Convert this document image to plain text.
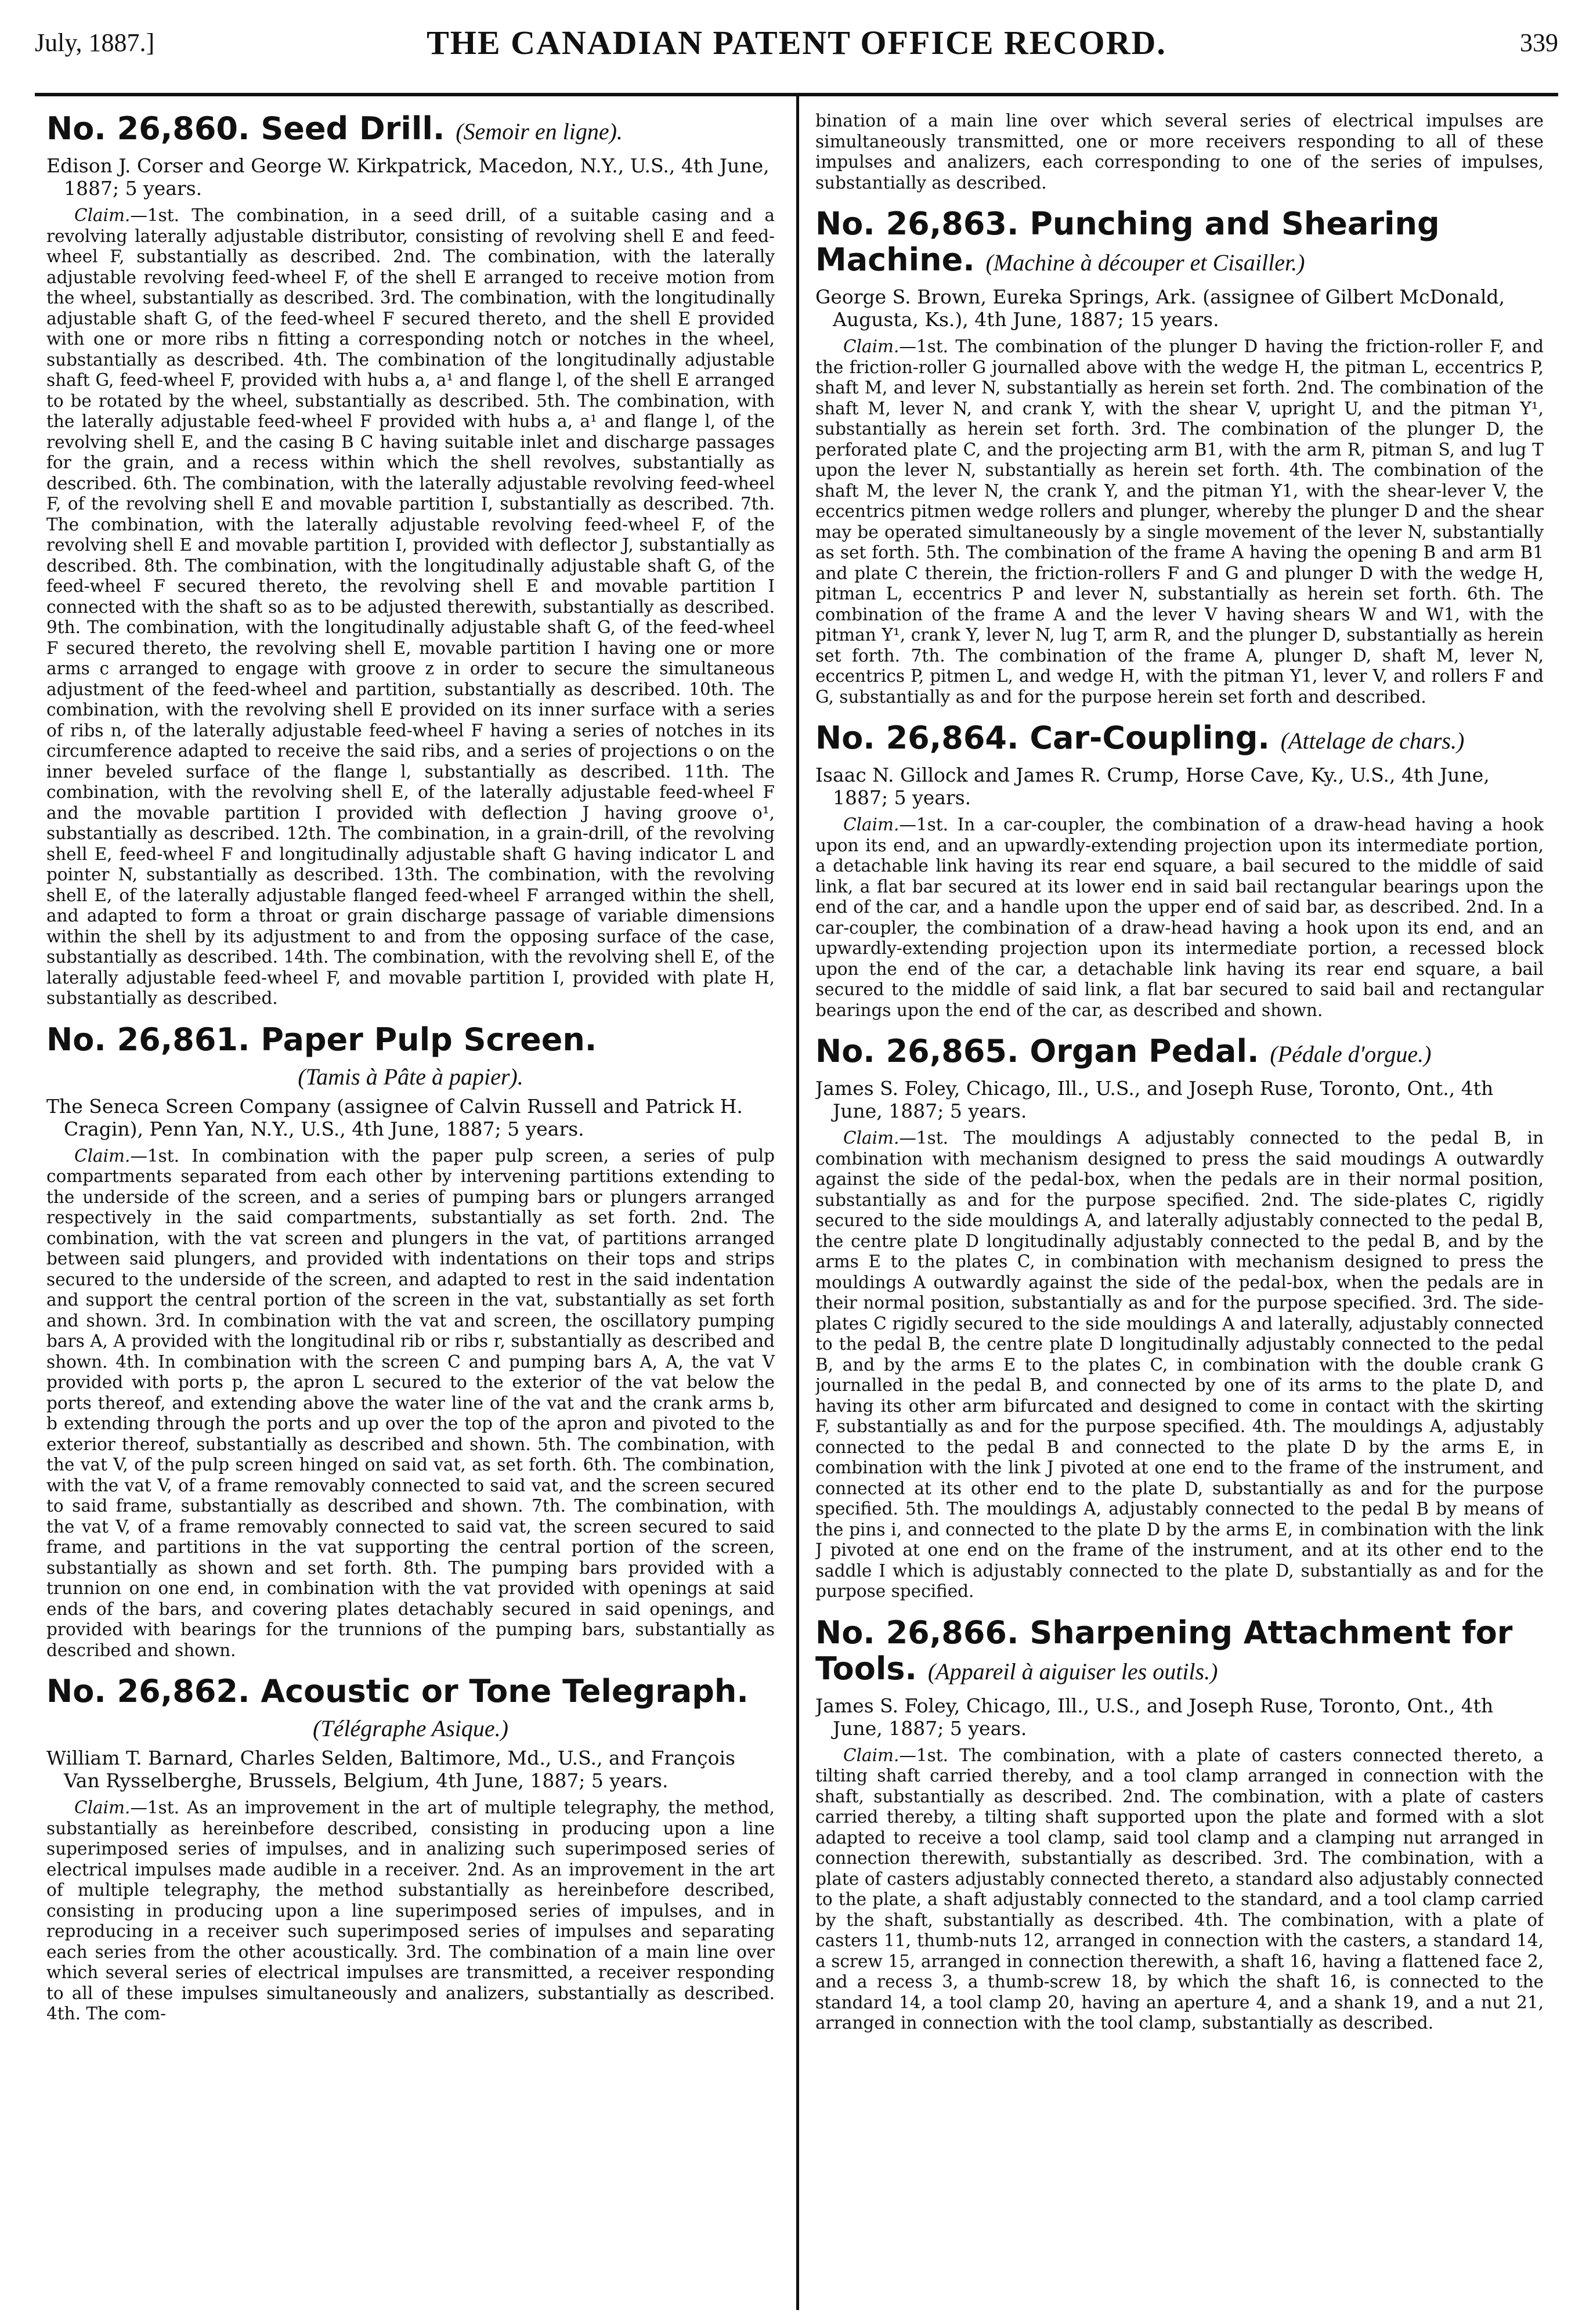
July, 1887.]	THE CANADIAN PATENT OFFICE RECORD.	339
No. 26,860. Seed Drill. (Semoir en ligne).
Edison J. Corser and George W. Kirkpatrick, Macedon, N.Y., U.S., 4th June, 1887; 5 years.

Claim.—1st. The combination, in a seed drill, of a suitable casing and a revolving laterally adjustable distributor, consisting of revolving shell E and feed-wheel F, substantially as described. 2nd. The combination, with the laterally adjustable revolving feed-wheel F, of the shell E arranged to receive motion from the wheel, substantially as described. 3rd. The combination, with the longitudinally adjustable shaft G, of the feed-wheel F secured thereto, and the shell E provided with one or more ribs n fitting a corresponding notch or notches in the wheel, substantially as described. 4th. The combination of the longitudinally adjustable shaft G, feed-wheel F, provided with hubs a, a¹ and flange l, of the shell E arranged to be rotated by the wheel, substantially as described. 5th. The combination, with the laterally adjustable feed-wheel F provided with hubs a, a¹ and flange l, of the revolving shell E, and the casing B C having suitable inlet and discharge passages for the grain, and a recess within which the shell revolves, substantially as described. 6th. The combination, with the laterally adjustable revolving feed-wheel F, of the revolving shell E and movable partition I, substantially as described. 7th. The combination, with the laterally adjustable revolving feed-wheel F, of the revolving shell E and movable partition I, provided with deflector J, substantially as described. 8th. The combination, with the longitudinally adjustable shaft G, of the feed-wheel F secured thereto, the revolving shell E and movable partition I connected with the shaft so as to be adjusted therewith, substantially as described. 9th. The combination, with the longitudinally adjustable shaft G, of the feed-wheel F secured thereto, the revolving shell E, movable partition I having one or more arms c arranged to engage with groove z in order to secure the simultaneous adjustment of the feed-wheel and partition, substantially as described. 10th. The combination, with the revolving shell E provided on its inner surface with a series of ribs n, of the laterally adjustable feed-wheel F having a series of notches in its circumference adapted to receive the said ribs, and a series of projections o on the inner beveled surface of the flange l, substantially as described. 11th. The combination, with the revolving shell E, of the laterally adjustable feed-wheel F and the movable partition I provided with deflection J having groove o¹, substantially as described. 12th. The combination, in a grain-drill, of the revolving shell E, feed-wheel F and longitudinally adjustable shaft G having indicator L and pointer N, substantially as described. 13th. The combination, with the revolving shell E, of the laterally adjustable flanged feed-wheel F arranged within the shell, and adapted to form a throat or grain discharge passage of variable dimensions within the shell by its adjustment to and from the opposing surface of the case, substantially as described. 14th. The combination, with the revolving shell E, of the laterally adjustable feed-wheel F, and movable partition I, provided with plate H, substantially as described.

No. 26,861. Paper Pulp Screen.
(Tamis à Pâte à papier).
The Seneca Screen Company (assignee of Calvin Russell and Patrick H. Cragin), Penn Yan, N.Y., U.S., 4th June, 1887; 5 years.

Claim.—1st. In combination with the paper pulp screen, a series of pulp compartments separated from each other by intervening partitions extending to the underside of the screen, and a series of pumping bars or plungers arranged respectively in the said compartments, substantially as set forth. 2nd. The combination, with the vat screen and plungers in the vat, of partitions arranged between said plungers, and provided with indentations on their tops and strips secured to the underside of the screen, and adapted to rest in the said indentation and support the central portion of the screen in the vat, substantially as set forth and shown. 3rd. In combination with the vat and screen, the oscillatory pumping bars A, A provided with the longitudinal rib or ribs r, substantially as described and shown. 4th. In combination with the screen C and pumping bars A, A, the vat V provided with ports p, the apron L secured to the exterior of the vat below the ports thereof, and extending above the water line of the vat and the crank arms b, b extending through the ports and up over the top of the apron and pivoted to the exterior thereof, substantially as described and shown. 5th. The combination, with the vat V, of the pulp screen hinged on said vat, as set forth. 6th. The combination, with the vat V, of a frame removably connected to said vat, and the screen secured to said frame, substantially as described and shown. 7th. The combination, with the vat V, of a frame removably connected to said vat, the screen secured to said frame, and partitions in the vat supporting the central portion of the screen, substantially as shown and set forth. 8th. The pumping bars provided with a trunnion on one end, in combination with the vat provided with openings at said ends of the bars, and covering plates detachably secured in said openings, and provided with bearings for the trunnions of the pumping bars, substantially as described and shown.

No. 26,862. Acoustic or Tone Telegraph.
(Télégraphe Asique.)
William T. Barnard, Charles Selden, Baltimore, Md., U.S., and François Van Rysselberghe, Brussels, Belgium, 4th June, 1887; 5 years.

Claim.—1st. As an improvement in the art of multiple telegraphy, the method, substantially as hereinbefore described, consisting in producing upon a line superimposed series of impulses, and in analizing such superimposed series of electrical impulses made audible in a receiver. 2nd. As an improvement in the art of multiple telegraphy, the method substantially as hereinbefore described, consisting in producing upon a line superimposed series of impulses, and in reproducing in a receiver such superimposed series of impulses and separating each series from the other acoustically. 3rd. The combination of a main line over which several series of electrical impulses are transmitted, a receiver responding to all of these impulses simultaneously and analizers, substantially as described. 4th. The com-

bination of a main line over which several series of electrical impulses are simultaneously transmitted, one or more receivers responding to all of these impulses and analizers, each corresponding to one of the series of impulses, substantially as described.

No. 26,863. Punching and Shearing Machine. (Machine à découper et Cisailler.)
George S. Brown, Eureka Springs, Ark. (assignee of Gilbert McDonald, Augusta, Ks.), 4th June, 1887; 15 years.

Claim.—1st. The combination of the plunger D having the friction-roller F, and the friction-roller G journalled above with the wedge H, the pitman L, eccentrics P, shaft M, and lever N, substantially as herein set forth. 2nd. The combination of the shaft M, lever N, and crank Y, with the shear V, upright U, and the pitman Y¹, substantially as herein set forth. 3rd. The combination of the plunger D, the perforated plate C, and the projecting arm B1, with the arm R, pitman S, and lug T upon the lever N, substantially as herein set forth. 4th. The combination of the shaft M, the lever N, the crank Y, and the pitman Y1, with the shear-lever V, the eccentrics pitmen wedge rollers and plunger, whereby the plunger D and the shear may be operated simultaneously by a single movement of the lever N, substantially as set forth. 5th. The combination of the frame A having the opening B and arm B1 and plate C therein, the friction-rollers F and G and plunger D with the wedge H, pitman L, eccentrics P and lever N, substantially as herein set forth. 6th. The combination of the frame A and the lever V having shears W and W1, with the pitman Y¹, crank Y, lever N, lug T, arm R, and the plunger D, substantially as herein set forth. 7th. The combination of the frame A, plunger D, shaft M, lever N, eccentrics P, pitmen L, and wedge H, with the pitman Y1, lever V, and rollers F and G, substantially as and for the purpose herein set forth and described.

No. 26,864. Car-Coupling. (Attelage de chars.)
Isaac N. Gillock and James R. Crump, Horse Cave, Ky., U.S., 4th June, 1887; 5 years.

Claim.—1st. In a car-coupler, the combination of a draw-head having a hook upon its end, and an upwardly-extending projection upon its intermediate portion, a detachable link having its rear end square, a bail secured to the middle of said link, a flat bar secured at its lower end in said bail rectangular bearings upon the end of the car, and a handle upon the upper end of said bar, as described. 2nd. In a car-coupler, the combination of a draw-head having a hook upon its end, and an upwardly-extending projection upon its intermediate portion, a recessed block upon the end of the car, a detachable link having its rear end square, a bail secured to the middle of said link, a flat bar secured to said bail and rectangular bearings upon the end of the car, as described and shown.

No. 26,865. Organ Pedal. (Pédale d'orgue.)
James S. Foley, Chicago, Ill., U.S., and Joseph Ruse, Toronto, Ont., 4th June, 1887; 5 years.

Claim.—1st. The mouldings A adjustably connected to the pedal B, in combination with mechanism designed to press the said moudings A outwardly against the side of the pedal-box, when the pedals are in their normal position, substantially as and for the purpose specified. 2nd. The side-plates C, rigidly secured to the side mouldings A, and laterally adjustably connected to the pedal B, the centre plate D longitudinally adjustably connected to the pedal B, and by the arms E to the plates C, in combination with mechanism designed to press the mouldings A outwardly against the side of the pedal-box, when the pedals are in their normal position, substantially as and for the purpose specified. 3rd. The side-plates C rigidly secured to the side mouldings A and laterally, adjustably connected to the pedal B, the centre plate D longitudinally adjustably connected to the pedal B, and by the arms E to the plates C, in combination with the double crank G journalled in the pedal B, and connected by one of its arms to the plate D, and having its other arm bifurcated and designed to come in contact with the skirting F, substantially as and for the purpose specified. 4th. The mouldings A, adjustably connected to the pedal B and connected to the plate D by the arms E, in combination with the link J pivoted at one end to the frame of the instrument, and connected at its other end to the plate D, substantially as and for the purpose specified. 5th. The mouldings A, adjustably connected to the pedal B by means of the pins i, and connected to the plate D by the arms E, in combination with the link J pivoted at one end on the frame of the instrument, and at its other end to the saddle I which is adjustably connected to the plate D, substantially as and for the purpose specified.

No. 26,866. Sharpening Attachment for Tools. (Appareil à aiguiser les outils.)
James S. Foley, Chicago, Ill., U.S., and Joseph Ruse, Toronto, Ont., 4th June, 1887; 5 years.

Claim.—1st. The combination, with a plate of casters connected thereto, a tilting shaft carried thereby, and a tool clamp arranged in connection with the shaft, substantially as described. 2nd. The combination, with a plate of casters carried thereby, a tilting shaft supported upon the plate and formed with a slot adapted to receive a tool clamp, said tool clamp and a clamping nut arranged in connection therewith, substantially as described. 3rd. The combination, with a plate of casters adjustably connected thereto, a standard also adjustably connected to the plate, a shaft adjustably connected to the standard, and a tool clamp carried by the shaft, substantially as described. 4th. The combination, with a plate of casters 11, thumb-nuts 12, arranged in connection with the casters, a standard 14, a screw 15, arranged in connection therewith, a shaft 16, having a flattened face 2, and a recess 3, a thumb-screw 18, by which the shaft 16, is connected to the standard 14, a tool clamp 20, having an aperture 4, and a shank 19, and a nut 21, arranged in connection with the tool clamp, substantially as described.
